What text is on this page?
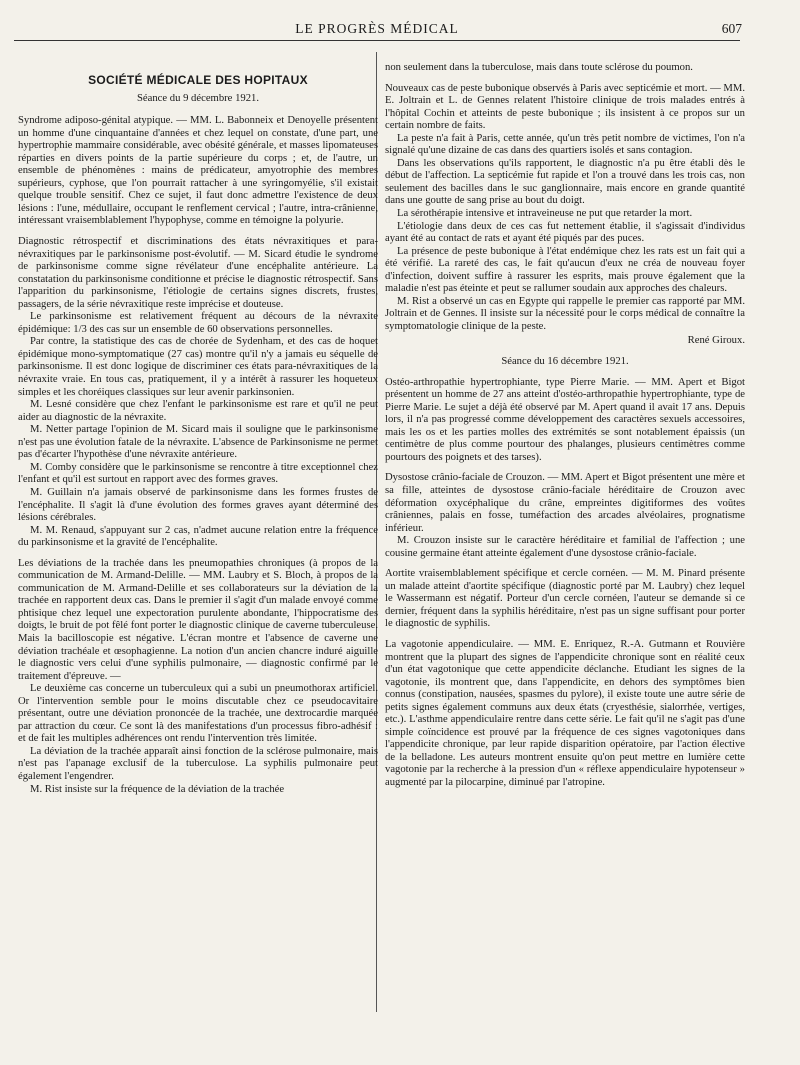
LE PROGRÈS MÉDICAL	607
SOCIÉTÉ MÉDICALE DES HOPITAUX
Séance du 9 décembre 1921.

Syndrome adiposo-génital atypique. — MM. L. Babonneix et Denoyelle présentent un homme d'une cinquantaine d'années et chez lequel on constate, d'une part, une hypertrophie mammaire considérable, avec obésité générale, et masses lipomateuses réparties en divers points de la partie supérieure du corps ; et, de l'autre, un ensemble de phénomènes : mains de prédicateur, amyotrophie des membres supérieurs, cyphose, que l'on pourrait rattacher à une syringomyélie, s'il existait quelque trouble sensitif. Chez ce sujet, il faut donc admettre l'existence de deux lésions : l'une, médullaire, occupant le renflement cervical ; l'autre, intra-crânienne, intéressant vraisemblablement l'hypophyse, comme en témoigne la polyurie.

Diagnostic rétrospectif et discriminations des états névraxitiques et para-névraxitiques par le parkinsonisme post-évolutif. — M. Sicard étudie le syndrome de parkinsonisme comme signe révélateur d'une encéphalite antérieure. La constatation du parkinsonisme conditionne et précise le diagnostic rétrospectif. Sans l'apparition du parkinsonisme, l'étiologie de certains signes discrets, frustes, passagers, de la série névraxitique reste imprécise et douteuse.

Le parkinsonisme est relativement fréquent au décours de la névraxite épidémique: 1/3 des cas sur un ensemble de 60 observations personnelles.

Par contre, la statistique des cas de chorée de Sydenham, et des cas de hoquet épidémique mono-symptomatique (27 cas) montre qu'il n'y a jamais eu séquelle de parkinsonisme. Il est donc logique de discriminer ces états para-névraxitiques de la névraxite vraie. En tous cas, pratiquement, il y a intérêt à rassurer les hoqueteux simples et les choréiques classiques sur leur avenir parkinsonien.

M. Lesné considère que chez l'enfant le parkinsonisme est rare et qu'il ne peut aider au diagnostic de la névraxite.

M. Netter partage l'opinion de M. Sicard mais il souligne que le parkinsonisme n'est pas une évolution fatale de la névraxite. L'absence de Parkinsonisme ne permet pas d'écarter l'hypothèse d'une névraxite antérieure.

M. Comby considère que le parkinsonisme se rencontre à titre exceptionnel chez l'enfant et qu'il est surtout en rapport avec des formes graves.

M. Guillain n'a jamais observé de parkinsonisme dans les formes frustes de l'encéphalite. Il s'agit là d'une évolution des formes graves ayant déterminé des lésions cérébrales.

M. M. Renaud, s'appuyant sur 2 cas, n'admet aucune relation entre la fréquence du parkinsonisme et la gravité de l'encéphalite.

Les déviations de la trachée dans les pneumopathies chroniques (à propos de la communication de M. Armand-Delille. — MM. Laubry et S. Bloch, à propos de la communication de M. Armand-Delille et ses collaborateurs sur la déviation de la trachée en rapportent deux cas. Dans le premier il s'agit d'un malade envoyé comme phtisique chez lequel une expectoration purulente abondante, l'hippocratisme des doigts, le bruit de pot fêlé font porter le diagnostic clinique de caverne tuberculeuse. Mais la bacilloscopie est négative. L'écran montre et l'absence de caverne une déviation trachéale et œsophagienne. La notion d'un ancien chancre induré aiguille le diagnostic vers celui d'une syphilis pulmonaire, — diagnostic confirmé par le traitement d'épreuve. —

Le deuxième cas concerne un tuberculeux qui a subi un pneumothorax artificiel. Or l'intervention semble pour le moins discutable chez ce pseudocavitaire présentant, outre une déviation prononcée de la trachée, une dextrocardie marquée par attraction du cœur. Ce sont là des manifestations d'un processus fibro-adhésif : et de fait les multiples adhérences ont rendu l'intervention très limitée.

La déviation de la trachée apparaît ainsi fonction de la sclérose pulmonaire, mais n'est pas l'apanage exclusif de la tuberculose. La syphilis pulmonaire peut également l'engendrer.

M. Rist insiste sur la fréquence de la déviation de la trachée

non seulement dans la tuberculose, mais dans toute sclérose du poumon.

Nouveaux cas de peste bubonique observés à Paris avec septicémie et mort. — MM. E. Joltrain et L. de Gennes relatent l'histoire clinique de trois malades entrés à l'hôpital Cochin et atteints de peste bubonique ; ils insistent à ce propos sur un certain nombre de faits.

La peste n'a fait à Paris, cette année, qu'un très petit nombre de victimes, l'on n'a signalé qu'une dizaine de cas dans des quartiers isolés et sans contagion.

Dans les observations qu'ils rapportent, le diagnostic n'a pu être établi dès le début de l'affection. La septicémie fut rapide et l'on a trouvé dans les trois cas, non seulement des bacilles dans le suc ganglionnaire, mais encore en grande quantité dans une goutte de sang prise au bout du doigt.

La sérothérapie intensive et intraveineuse ne put que retarder la mort.

L'étiologie dans deux de ces cas fut nettement établie, il s'agissait d'individus ayant été au contact de rats et ayant été piqués par des puces.

La présence de peste bubonique à l'état endémique chez les rats est un fait qui a été vérifié. La rareté des cas, le fait qu'aucun d'eux ne créa de nouveau foyer d'infection, doivent suffire à rassurer les esprits, mais prouve également que la maladie n'est pas éteinte et peut se rallumer soudain aux approches des chaleurs.

M. Rist a observé un cas en Egypte qui rappelle le premier cas rapporté par MM. Joltrain et de Gennes. Il insiste sur la nécessité pour le corps médical de connaître la symptomatologie clinique de la peste.

René Giroux.
Séance du 16 décembre 1921.

Ostéo-arthropathie hypertrophiante, type Pierre Marie. — MM. Apert et Bigot présentent un homme de 27 ans atteint d'ostéo-arthropathie hypertrophiante, type de Pierre Marie. Le sujet a déjà été observé par M. Apert quand il avait 17 ans. Depuis lors, il n'a pas progressé comme développement des caractères sexuels accessoires, mais les os et les parties molles des extrémités se sont notablement épaissis (un centimètre de plus comme pourtour des phalanges, plusieurs centimètres comme pourtours des poignets et des tarses).

Dysostose crânio-faciale de Crouzon. — MM. Apert et Bigot présentent une mère et sa fille, atteintes de dysostose crânio-faciale héréditaire de Crouzon avec déformation oxycéphalique du crâne, empreintes digitiformes des voûtes crâniennes, palais en fosse, tuméfaction des arcades alvéolaires, prognatisme inférieur.

M. Crouzon insiste sur le caractère héréditaire et familial de l'affection ; une cousine germaine étant atteinte également d'une dysostose crânio-faciale.

Aortite vraisemblablement spécifique et cercle cornéen. — M. M. Pinard présente un malade atteint d'aortite spécifique (diagnostic porté par M. Laubry) chez lequel le Wassermann est négatif. Porteur d'un cercle cornéen, l'auteur se demande si ce dernier, fréquent dans la syphilis héréditaire, n'est pas un signe suffisant pour porter le diagnostic de syphilis.

La vagotonie appendiculaire. — MM. E. Enriquez, R.-A. Gutmann et Rouvière montrent que la plupart des signes de l'appendicite chronique sont en réalité ceux d'un état vagotonique que cette appendicite déclanche. Etudiant les signes de la vagotonie, ils montrent que, dans l'appendicite, en dehors des symptômes bien connus (constipation, nausées, spasmes du pylore), il existe toute une autre série de petits signes également communs aux deux états (cryesthésie, sialorrhée, vertiges, etc.). L'asthme appendiculaire rentre dans cette série. Le fait qu'il ne s'agit pas d'une simple coïncidence est prouvé par la fréquence de ces signes vagotoniques dans l'appendicite chronique, par leur rapide disparition opératoire, par l'action élective de la belladone. Les auteurs montrent ensuite qu'on peut mettre en lumière cette vagotonie par la recherche à la pression d'un « réflexe appendiculaire hypotenseur » augmenté par la pilocarpine, diminué par l'atropine.
